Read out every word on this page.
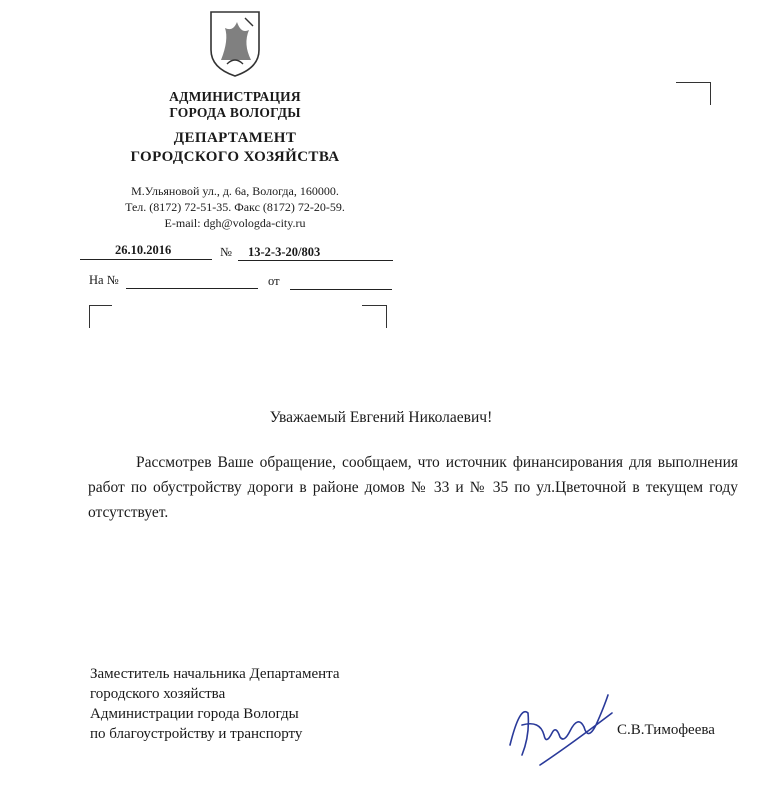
АДМИНИСТРАЦИЯ
ГОРОДА ВОЛОГДЫ
ДЕПАРТАМЕНТ
ГОРОДСКОГО ХОЗЯЙСТВА
М.Ульяновой ул., д. 6а, Вологда, 160000.
Тел. (8172) 72-51-35. Факс (8172) 72-20-59.
E-mail: dgh@vologda-city.ru
26.10.2016	№ 13-2-3-20/803
На №	от
Уважаемый Евгений Николаевич!
Рассмотрев Ваше обращение, сообщаем, что источник финансирования для выполнения работ по обустройству дороги в районе домов № 33 и № 35 по ул.Цветочной в текущем году отсутствует.
Заместитель начальника Департамента
городского хозяйства
Администрации города Вологды
по благоустройству и транспорту	С.В.Тимофеева
